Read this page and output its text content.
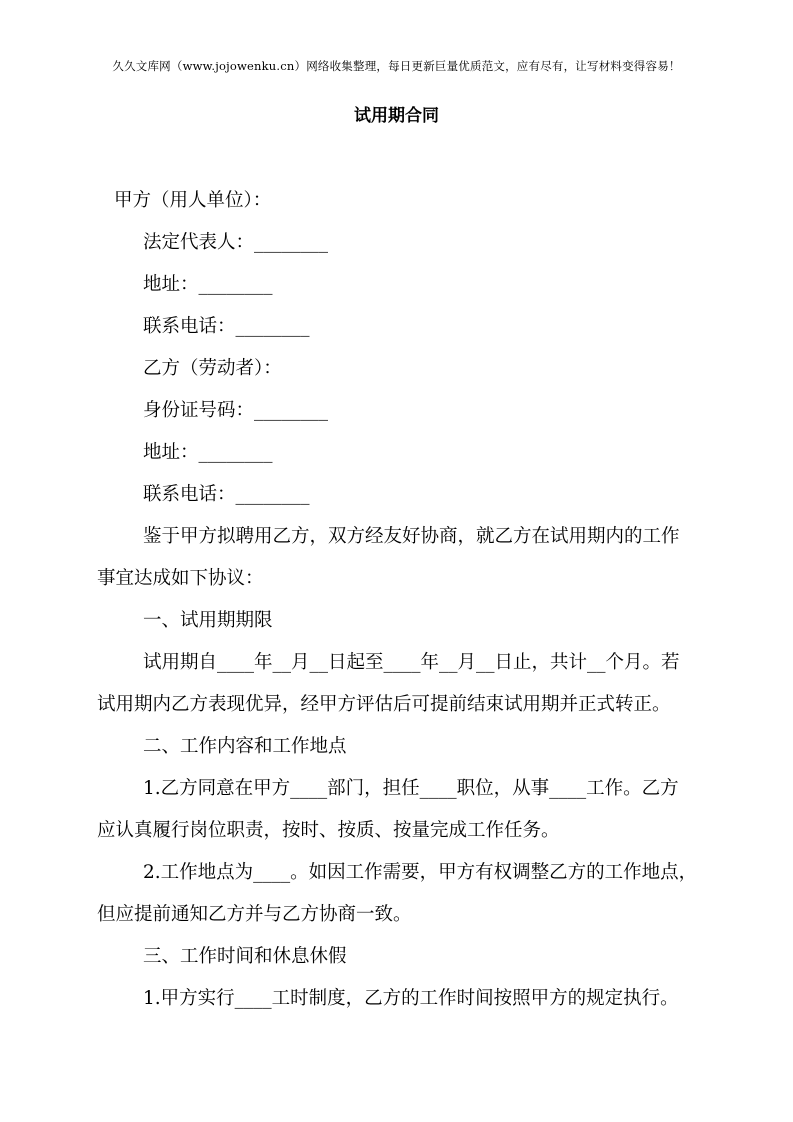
久久文库网（www.jojowenku.cn）网络收集整理，每日更新巨量优质范文，应有尽有，让写材料变得容易！
试用期合同
甲方（用人单位）：
法定代表人：________
地址：________
联系电话：________
乙方（劳动者）：
身份证号码：________
地址：________
联系电话：________
鉴于甲方拟聘用乙方，双方经友好协商，就乙方在试用期内的工作
事宜达成如下协议：
一、试用期期限
试用期自____年__月__日起至____年__月__日止，共计__个月。若
试用期内乙方表现优异，经甲方评估后可提前结束试用期并正式转正。
二、工作内容和工作地点
1.乙方同意在甲方____部门，担任____职位，从事____工作。乙方
应认真履行岗位职责，按时、按质、按量完成工作任务。
2.工作地点为____。如因工作需要，甲方有权调整乙方的工作地点，
但应提前通知乙方并与乙方协商一致。
三、工作时间和休息休假
1.甲方实行____工时制度，乙方的工作时间按照甲方的规定执行。
